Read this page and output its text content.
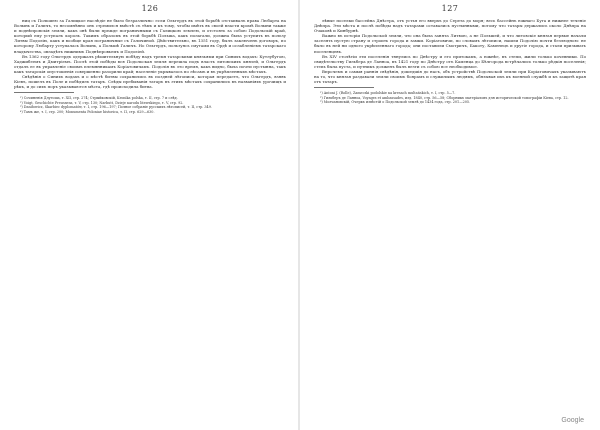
126

ниц съ Польшею за Галицкое наслѣдіе не было безразлично: если Ольгердъ въ этой борьбѣ отстаивалъ права Любарта на Волынь и Галичъ, то несомнѣнно онъ стремился вмѣстѣ съ тѣмъ и къ тому, чтобы имѣть въ своей власти кромѣ Волыни также и поднѣпровскія земли, какъ онѣ были прежде пограничными съ Галицкою землею, и отстоять за собою Подольскій край, который ему уступалъ король. Такимъ образомъ въ этой борьбѣ Польша, какъ полагали, должна была уступить въ пользу Литвы Подолію, какъ и вообще края пограничные съ Галичиной. Дѣйствительно, въ 1351 году, былъ заключенъ договоръ, по которому Любарту уступалась Волынь, а Польшѣ Галичъ. Но Ольгердъ, пользуясь смутами въ Ордѣ и ослабленіемъ татарскаго владычества, овладѣлъ нижнимъ Поднѣпровьемъ и Подоліей.

Въ 1362 году Ольгердъ одержалъ рѣшительную побѣду надъ тремя татарскими князьями при Синихъ водахъ: Кутлубугою, Хаджибеемъ и Дмитріемъ. Послѣ этой побѣды вся Подольская земля перешла подъ власть литовскихъ князей, и Ольгердъ отдалъ ее въ управленіе своимъ племянникамъ Коріатовичамъ. Подолія въ это время, какъ видно, была почти пустынна, такъ какъ татарскія опустошенія совершенно разорили край; населеніе укрывалось по лѣсамъ и въ укрѣпленныхъ мѣстахъ.

Свѣдѣнія о Синихъ водахъ и о мѣстѣ битвы сохранились въ поздней лѣтописи, которая передаетъ, что Ольгердъ, взявъ Кіевъ, пошелъ въ Поле и побѣдилъ татаръ. Слѣды пребыванія татаръ въ этихъ мѣстахъ сохранились въ названіяхъ урочищъ и рѣкъ, и до сихъ поръ указываются мѣста, гдѣ происходила битва.

¹) Сочиненія Длугоша, т. XII, стр. 274; Стрыйковскій, Kronika polska, т. II, стр. 7 и слѣд.

²) Voigt, Geschichte Preussens, т. V, стр. 130; Narbutt, Dzieje narodu litewskiego, т. V, стр. 92.

³) Daniłowicz, Skarbiec dyplomatów, т. I, стр. 196—197; Полное собраніе русскихъ лѣтописей, т. II, стр. 349.

⁴) Тамъ же, т. I, стр. 200; Monumenta Poloniae historica, т. II, стр. 629—630.

127

лѣвые поселки бассейна Днѣстра, отъ устья его вверхъ до Серета до моря; весь бассейнъ южнаго Буга и нижнее теченіе Днѣпра. Эти мѣста и послѣ побѣды надъ татарами оставались пустынными, потому что татары держались около Днѣпра на Очаковѣ и Кинбурнѣ.

Важно въ исторіи Подольской земли, что она была занята Литвою, а не Польшей, и что литовскіе князья первые начали заселять пустую страну и строить города и замки. Коріатовичи, по словамъ лѣтописи, нашли Подолію почти безлюдною: не было въ ней ни одного укрѣпленнаго города; они поставили Смотричъ, Бакоту, Каменецъ и другіе города, и стали призывать поселенцевъ.

Въ XIV столѣтіи эти поселенія тянулись по Днѣстру и его притокамъ, а южнѣе, въ степи, жили только кочевники. По свидѣтельству Гильбера де Ланноа, въ 1421 году по Днѣстру отъ Каменца до Бѣлгорода встрѣчались только рѣдкія поселенія; степь была пуста, и путникъ долженъ былъ везти съ собою все необходимое.

Впрочемъ и самыя раннія свѣдѣнія, дошедшія до насъ, объ устройствѣ Подольской земли при Коріатовичахъ указываютъ на то, что князья раздавали земли своимъ боярамъ и служилымъ людямъ, обязывая ихъ къ военной службѣ и къ защитѣ края отъ татаръ.

¹) Antoni J. (Rolle), Zameczki podolskie na kresach multańskich, т. I, стр. 5—7.

²) Гильберъ де Ланноа, Voyages et ambassades, изд. 1840, стр. 56—58; Сборникъ матеріаловъ для исторической топографіи Кіева, стр. 12.

³) Молчановскій, Очеркъ извѣстій о Подольской землѣ до 1434 года, стр. 201—205.

Google
